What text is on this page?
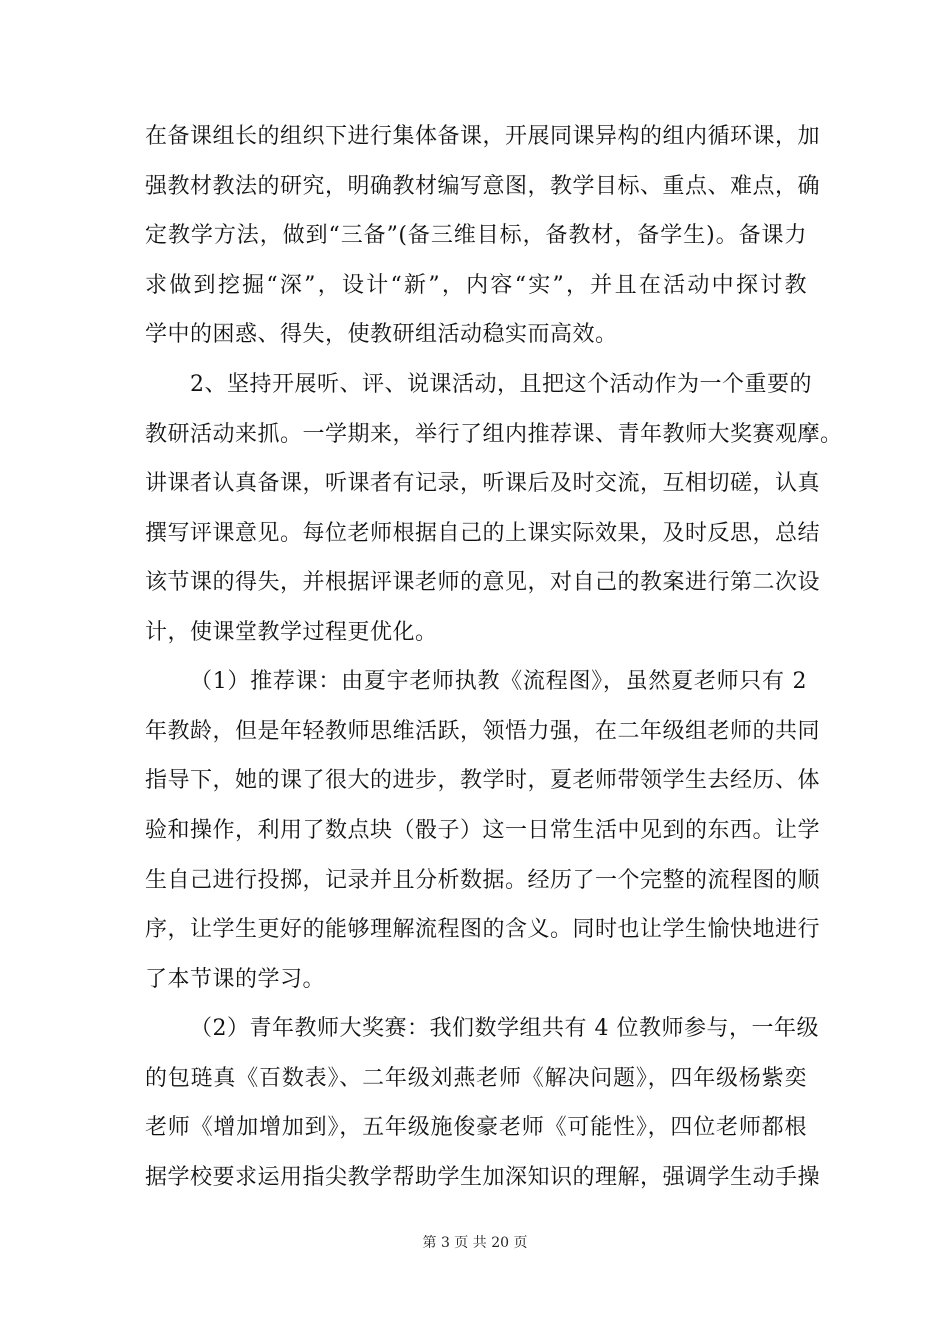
在备课组长的组织下进行集体备课，开展同课异构的组内循环课，加
强教材教法的研究，明确教材编写意图，教学目标、重点、难点，确
定教学方法，做到“三备”(备三维目标，备教材，备学生)。备课力
求做到挖掘“深”，设计“新”，内容“实”，并且在活动中探讨教
学中的困惑、得失，使教研组活动稳实而高效。
2、坚持开展听、评、说课活动，且把这个活动作为一个重要的
教研活动来抓。一学期来，举行了组内推荐课、青年教师大奖赛观摩。
讲课者认真备课，听课者有记录，听课后及时交流，互相切磋，认真
撰写评课意见。每位老师根据自己的上课实际效果，及时反思，总结
该节课的得失，并根据评课老师的意见，对自己的教案进行第二次设
计，使课堂教学过程更优化。
（1）推荐课：由夏宇老师执教《流程图》，虽然夏老师只有 2
年教龄，但是年轻教师思维活跃，领悟力强，在二年级组老师的共同
指导下，她的课了很大的进步，教学时，夏老师带领学生去经历、体
验和操作，利用了数点块（骰子）这一日常生活中见到的东西。让学
生自己进行投掷，记录并且分析数据。经历了一个完整的流程图的顺
序，让学生更好的能够理解流程图的含义。同时也让学生愉快地进行
了本节课的学习。
（2）青年教师大奖赛：我们数学组共有 4 位教师参与，一年级
的包琏真《百数表》、二年级刘燕老师《解决问题》，四年级杨紫奕
老师《增加增加到》，五年级施俊豪老师《可能性》，四位老师都根
据学校要求运用指尖教学帮助学生加深知识的理解，强调学生动手操
第 3 页 共 20 页
